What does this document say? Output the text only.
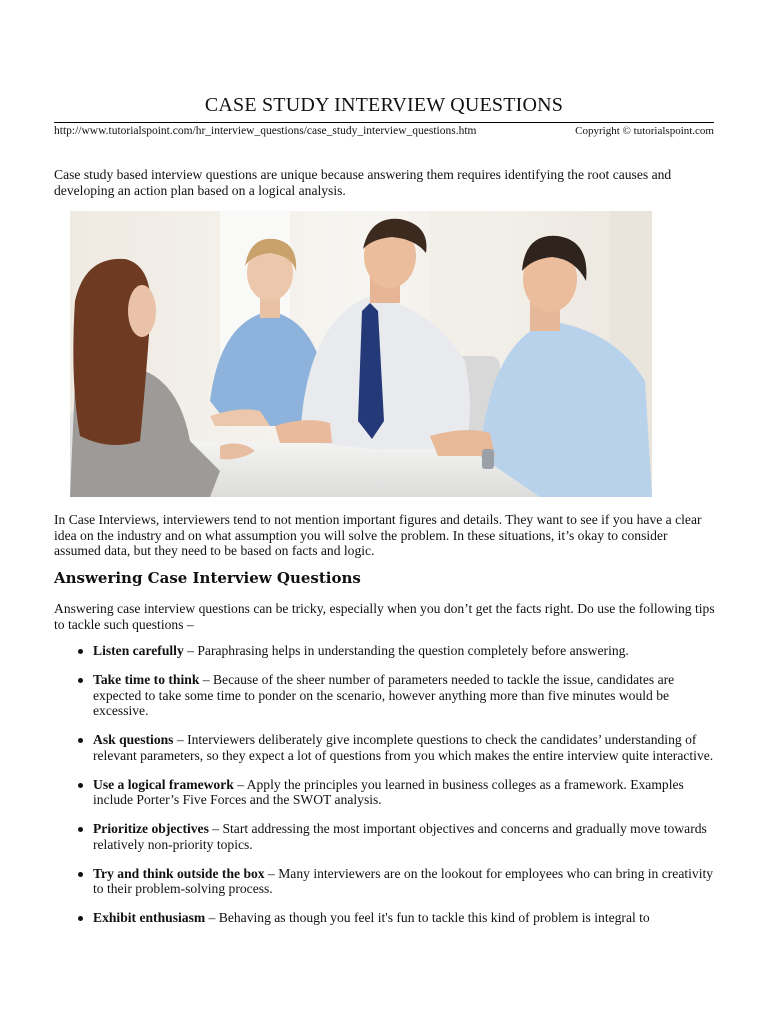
CASE STUDY INTERVIEW QUESTIONS
http://www.tutorialspoint.com/hr_interview_questions/case_study_interview_questions.htm	Copyright © tutorialspoint.com
Case study based interview questions are unique because answering them requires identifying the root causes and developing an action plan based on a logical analysis.
In Case Interviews, interviewers tend to not mention important figures and details. They want to see if you have a clear idea on the industry and on what assumption you will solve the problem. In these situations, it’s okay to consider assumed data, but they need to be based on facts and logic.
Answering Case Interview Questions
Answering case interview questions can be tricky, especially when you don’t get the facts right. Do use the following tips to tackle such questions –
Listen carefully – Paraphrasing helps in understanding the question completely before answering.
Take time to think – Because of the sheer number of parameters needed to tackle the issue, candidates are expected to take some time to ponder on the scenario, however anything more than five minutes would be excessive.
Ask questions – Interviewers deliberately give incomplete questions to check the candidates’ understanding of relevant parameters, so they expect a lot of questions from you which makes the entire interview quite interactive.
Use a logical framework – Apply the principles you learned in business colleges as a framework. Examples include Porter’s Five Forces and the SWOT analysis.
Prioritize objectives – Start addressing the most important objectives and concerns and gradually move towards relatively non-priority topics.
Try and think outside the box – Many interviewers are on the lookout for employees who can bring in creativity to their problem-solving process.
Exhibit enthusiasm – Behaving as though you feel it's fun to tackle this kind of problem is integral to
